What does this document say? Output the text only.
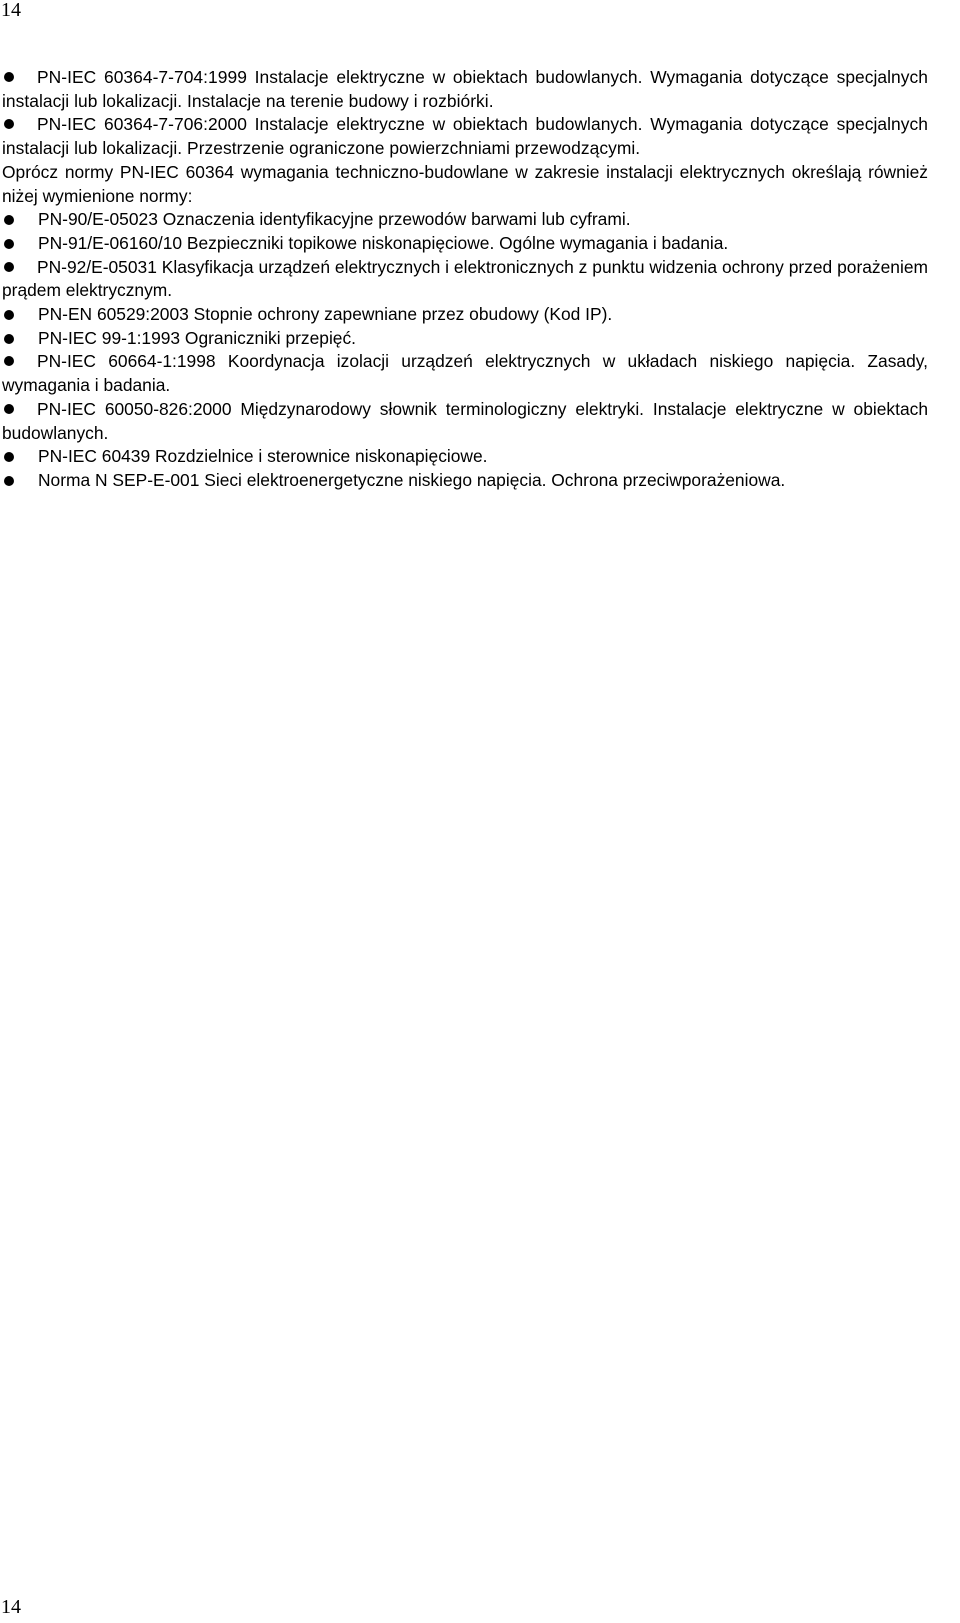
14
PN-IEC 60364-7-704:1999 Instalacje elektryczne w obiektach budowlanych. Wymagania dotyczące specjalnych instalacji lub lokalizacji. Instalacje na terenie budowy i rozbiórki.
PN-IEC 60364-7-706:2000 Instalacje elektryczne w obiektach budowlanych. Wymagania dotyczące specjalnych instalacji lub lokalizacji. Przestrzenie ograniczone powierzchniami przewodzącymi.
Oprócz normy PN-IEC 60364 wymagania techniczno-budowlane w zakresie instalacji elektrycznych określają również niżej wymienione normy:
PN-90/E-05023 Oznaczenia identyfikacyjne przewodów barwami lub cyframi.
PN-91/E-06160/10 Bezpieczniki topikowe niskonapięciowe. Ogólne wymagania i badania.
PN-92/E-05031 Klasyfikacja urządzeń elektrycznych i elektronicznych z punktu widzenia ochrony przed porażeniem prądem elektrycznym.
PN-EN 60529:2003 Stopnie ochrony zapewniane przez obudowy (Kod IP).
PN-IEC 99-1:1993 Ograniczniki przepięć.
PN-IEC 60664-1:1998 Koordynacja izolacji urządzeń elektrycznych w układach niskiego napięcia. Zasady, wymagania i badania.
PN-IEC 60050-826:2000 Międzynarodowy słownik terminologiczny elektryki. Instalacje elektryczne w obiektach budowlanych.
PN-IEC 60439 Rozdzielnice i sterownice niskonapięciowe.
Norma N SEP-E-001 Sieci elektroenergetyczne niskiego napięcia. Ochrona przeciwporażeniowa.
14
